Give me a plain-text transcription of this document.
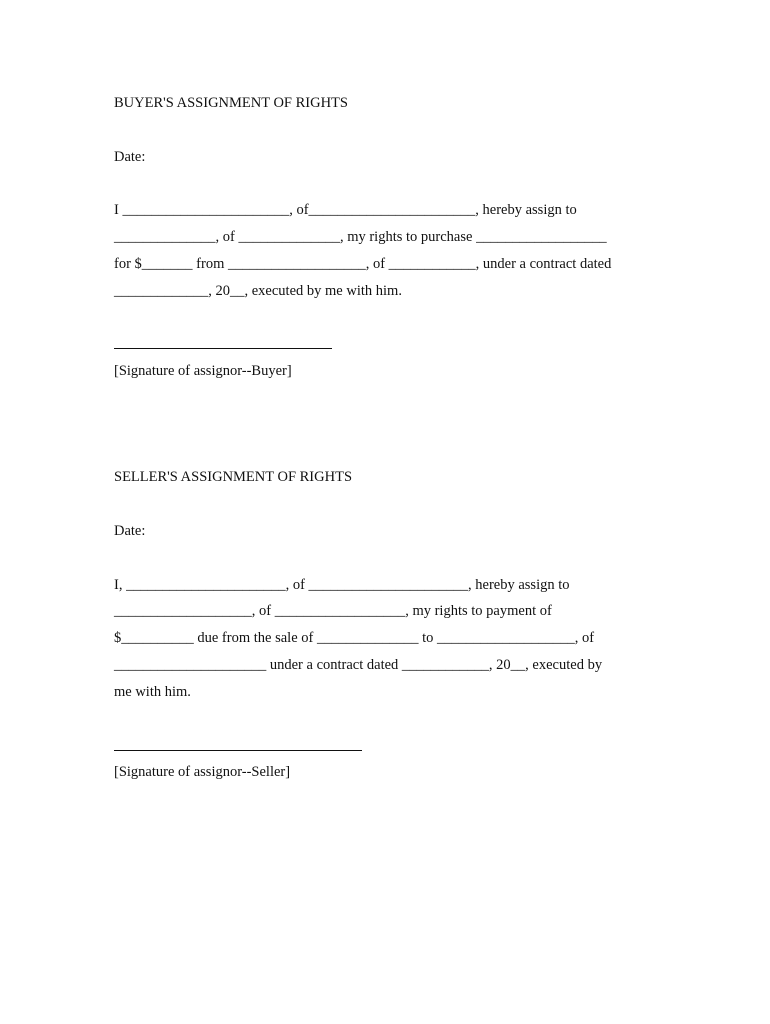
BUYER'S ASSIGNMENT OF RIGHTS

Date:

I _______________________, of_______________________, hereby assign to

______________, of ______________, my rights to purchase __________________

for $_______ from ___________________, of ____________, under a contract dated

_____________, 20__, executed by me with him.

[Signature of assignor--Buyer]

SELLER'S ASSIGNMENT OF RIGHTS

Date:

I, ______________________, of ______________________, hereby assign to

___________________, of __________________, my rights to payment of

$__________ due from the sale of ______________ to ___________________, of

_____________________ under a contract dated ____________, 20__, executed by

me with him.

[Signature of assignor--Seller]
